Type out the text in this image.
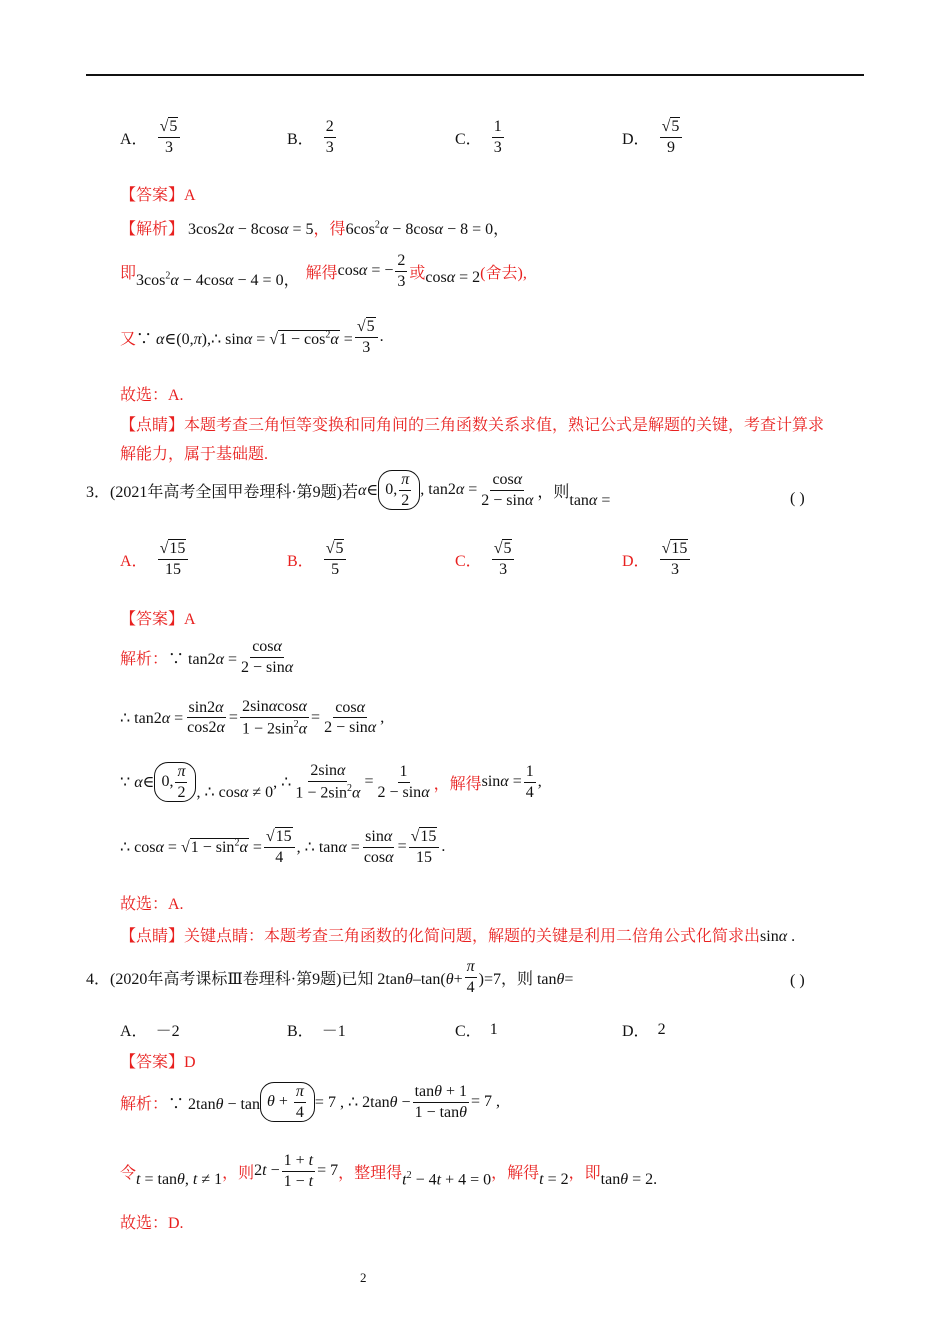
A． $\frac{√5}{3}$	B． $\frac{2}{3}$	C． $\frac{1}{3}$	D． $\frac{√5}{9}$
【答案】A
【解析】 3cos2α − 8cosα = 5，得$6\cos^2\alpha - 8\cos\alpha - 8 = 0$，
即 $3\cos^2\alpha - 4\cos\alpha - 4 = 0$， 解得 cosα = − $\frac{2}{3}$ 或 cosα = 2 (舍去),
又∵ α∈(0,π),∴ $\sin\alpha = √1 - \cos^2\alpha = \frac{√5}{3}$ .
故选：A.
【点睛】本题考查三角恒等变换和同角间的三角函数关系求值，熟记公式是解题的关键，考查计算求
解能力，属于基础题.
3．(2021年高考全国甲卷理科·第9题)若 α∈ 0, $\frac{\pi}{2}$ , $\tan 2\alpha = \frac{\cos\alpha}{2 - \sin\alpha}$ ，则 tanα =	( )
A． $\frac{√15}{15}$	B． $\frac{√5}{5}$	C． $\frac{√5}{3}$	D． $\frac{√15}{3}$
【答案】A
解析：∵ $\tan 2\alpha = \frac{\cos\alpha}{2 - \sin\alpha}$
∴ $\tan 2\alpha = \frac{\sin 2\alpha}{\cos 2\alpha} = \frac{2\sin\alpha\cos\alpha}{1 - 2\sin^2\alpha} = \frac{\cos\alpha}{2 - \sin\alpha}$ ,
∵ α∈ 0, $\frac{\pi}{2}$ , ∴ cosα ≠ 0
, ∴ $\frac{2\sin\alpha}{1 - 2\sin^2\alpha} = \frac{1}{2 - \sin\alpha}$ ，解得 $\sin\alpha = \frac{1}{4}$ ,
∴ $\cos\alpha = √1 - \sin^2\alpha = \frac{√15}{4}$ , ∴ $\tan\alpha = \frac{\sin\alpha}{\cos\alpha} = \frac{√15}{15}$ .
故选：A.
【点睛】关键点睛：本题考查三角函数的化简问题，解题的关键是利用二倍角公式化简求出sinα .
4．(2020年高考课标Ⅲ卷理科·第9题)已知 $2\tan\theta-\tan(\theta+ \frac{\pi}{4} )=7$，则 tanθ=	( )
A． －2	B． －1	C． 1	D． 2
【答案】D
解析：∵ $2\tan\theta - \tan \theta + \frac{\pi}{4} = 7$ , ∴ $2\tan\theta - \frac{\tan\theta + 1}{1 - \tan\theta} = 7$ ,
令 t = tanθ, t ≠ 1 ，则 $2t - \frac{1 + t}{1 - t} = 7$ ，整理得 $t^2 - 4t + 4 = 0$ ，解得 t = 2 ，即 tanθ = 2.
故选：D.
2
